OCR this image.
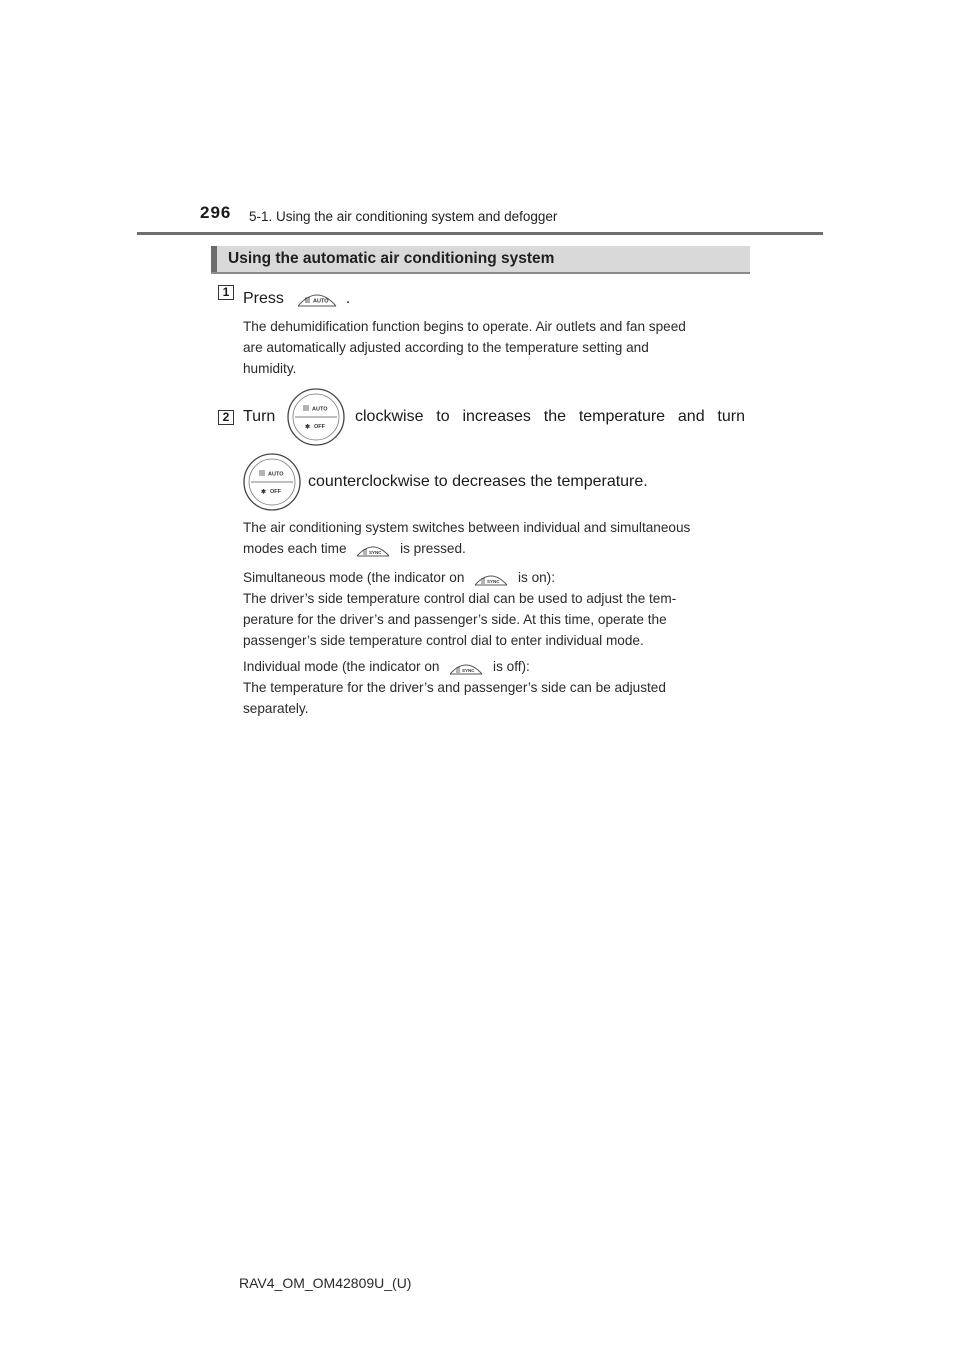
296 5-1. Using the air conditioning system and defogger
Using the automatic air conditioning system
1 Press	AUTO .
The dehumidification function begins to operate. Air outlets and fan speed
are automatically adjusted according to the temperature setting and
humidity.
2 Turn	AUTO
✱ OFF
clockwise to increases the temperature and turn
AUTO
✱ OFF
counterclockwise to decreases the temperature.
The air conditioning system switches between individual and simultaneous
modes each time	SYNC is pressed.
Simultaneous mode (the indicator on	SYNC is on):
The driver’s side temperature control dial can be used to adjust the tem-
perature for the driver’s and passenger’s side. At this time, operate the
passenger’s side temperature control dial to enter individual mode.
Individual mode (the indicator on	SYNC is off):
The temperature for the driver’s and passenger’s side can be adjusted
separately.
RAV4_OM_OM42809U_(U)
